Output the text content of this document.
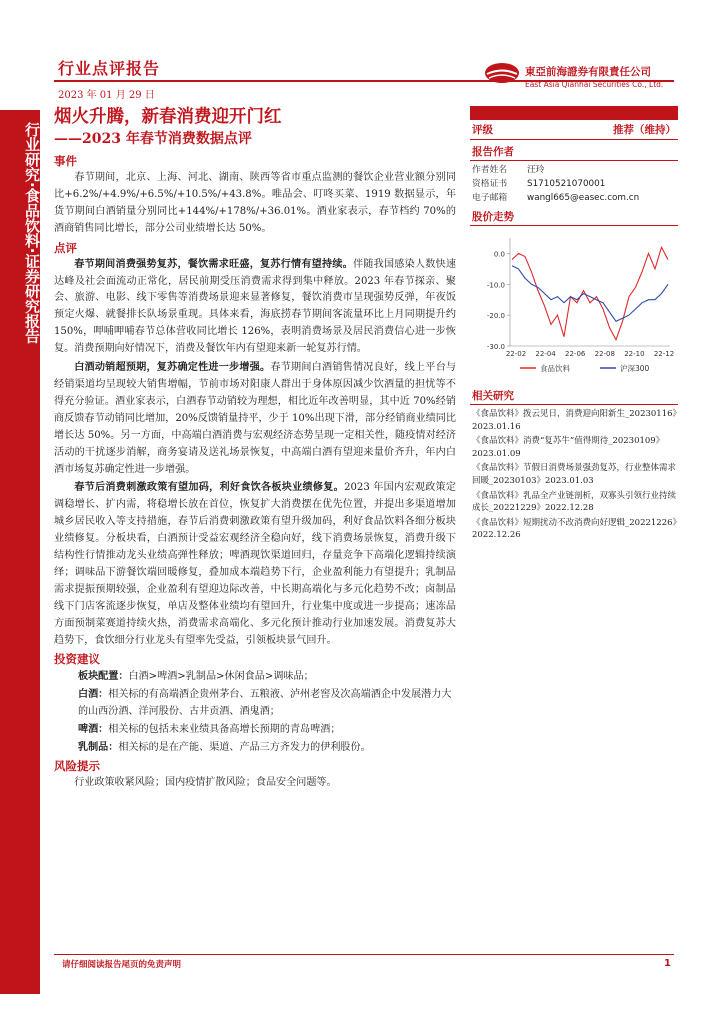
行业研究·食品饮料·证券研究报告
行业点评报告
2023 年 01 月 29 日
東亞前海證券有限責任公司
East Asia Qianhai Securities Co., Ltd.
烟火升腾，新春消费迎开门红
——2023 年春节消费数据点评
事件

春节期间，北京、上海、河北、湖南、陕西等省市重点监测的餐饮企业营业额分别同比+6.2%/+4.9%/+6.5%/+10.5%/+43.8%。唯品会、叮咚买菜、1919 数据显示，年货节期间白酒销量分别同比+144%/+178%/+36.01%。酒业家表示，春节档约 70%的酒商销售同比增长，部分公司业绩增长达 50%。

点评

春节期间消费强势复苏，餐饮需求旺盛，复苏行情有望持续。伴随我国感染人数快速达峰及社会面流动正常化，居民前期受压消费需求得到集中释放。2023 年春节探亲、聚会、旅游、电影、线下零售等消费场景迎来显著修复，餐饮消费市呈现强势反弹，年夜饭预定火爆、就餐排长队场景重现。具体来看，海底捞春节期间客流量环比上月同期提升约 150%，呷哺呷哺春节总体营收同比增长 126%，表明消费场景及居民消费信心进一步恢复。消费预期向好情况下，消费及餐饮年内有望迎来新一轮复苏行情。

白酒动销超预期，复苏确定性进一步增强。春节期间白酒销售情况良好，线上平台与经销渠道均呈现较大销售增幅，节前市场对阳康人群出于身体原因减少饮酒量的担忧等不得充分验证。酒业家表示，白酒春节动销较为理想，相比近年改善明显，其中近 70%经销商反馈春节动销同比增加，20%反馈销量持平，少于 10%出现下滑，部分经销商业绩同比增长达 50%。另一方面，中高端白酒消费与宏观经济态势呈现一定相关性，随疫情对经济活动的干扰逐步消解，商务宴请及送礼场景恢复，中高端白酒有望迎来量价齐升，年内白酒市场复苏确定性进一步增强。

春节后消费刺激政策有望加码，利好食饮各板块业绩修复。2023 年国内宏观政策定调稳增长、扩内需，将稳增长放在首位，恢复扩大消费摆在优先位置，并提出多渠道增加城乡居民收入等支持措施，春节后消费刺激政策有望升级加码，利好食品饮料各细分板块业绩修复。分板块看，白酒预计受益宏观经济全稳向好，线下消费场景恢复，消费升级下结构性行情推动龙头业绩高弹性释放；啤酒现饮渠道回归，存量竞争下高端化逻辑持续演绎；调味品下游餐饮端回暖修复，叠加成本端趋势下行，企业盈利能力有望提升；乳制品需求提振预期较强，企业盈利有望迎边际改善，中长期高端化与多元化趋势不改；卤制品线下门店客流逐步恢复，单店及整体业绩均有望回升，行业集中度或进一步提高；速冻品方面预制菜赛道持续火热，消费需求高端化、多元化预计推动行业加速发展。消费复苏大趋势下，食饮细分行业龙头有望率先受益，引领板块景气回升。

投资建议

板块配置：白酒>啤酒>乳制品>休闲食品>调味品；

白酒：相关标的有高端酒企贵州茅台、五粮液、泸州老窖及次高端酒企中发展潜力大的山西汾酒、洋河股份、古井贡酒、酒鬼酒；

啤酒：相关标的包括未来业绩具备高增长预期的青岛啤酒；

乳制品：相关标的是在产能、渠道、产品三方齐发力的伊利股份。

风险提示

行业政策收紧风险；国内疫情扩散风险；食品安全问题等。

评级	推荐（维持）
报告作者
作者姓名	汪玲
资格证书	S1710521070001
电子邮箱	wangl665@easec.com.cn
股价走势
0.0
-10.0
-20.0
-30.0
22-02 22-04 22-06 22-08 22-10 22-12
食品饮料	沪深300
相关研究
《食品饮料》拨云见日，消费迎向阳新生_20230116》2023.01.16
《食品饮料》消费“复苏牛”值得期待_20230109》2023.01.09
《食品饮料》节假日消费场景强劲复苏，行业整体需求回暖_20230103》2023.01.03
《食品饮料》乳品全产业链剖析，双寡头引领行业持续成长_20221229》2022.12.28
《食品饮料》短期扰动不改消费向好逻辑_20221226》2022.12.26
请仔细阅读报告尾页的免责声明	1
